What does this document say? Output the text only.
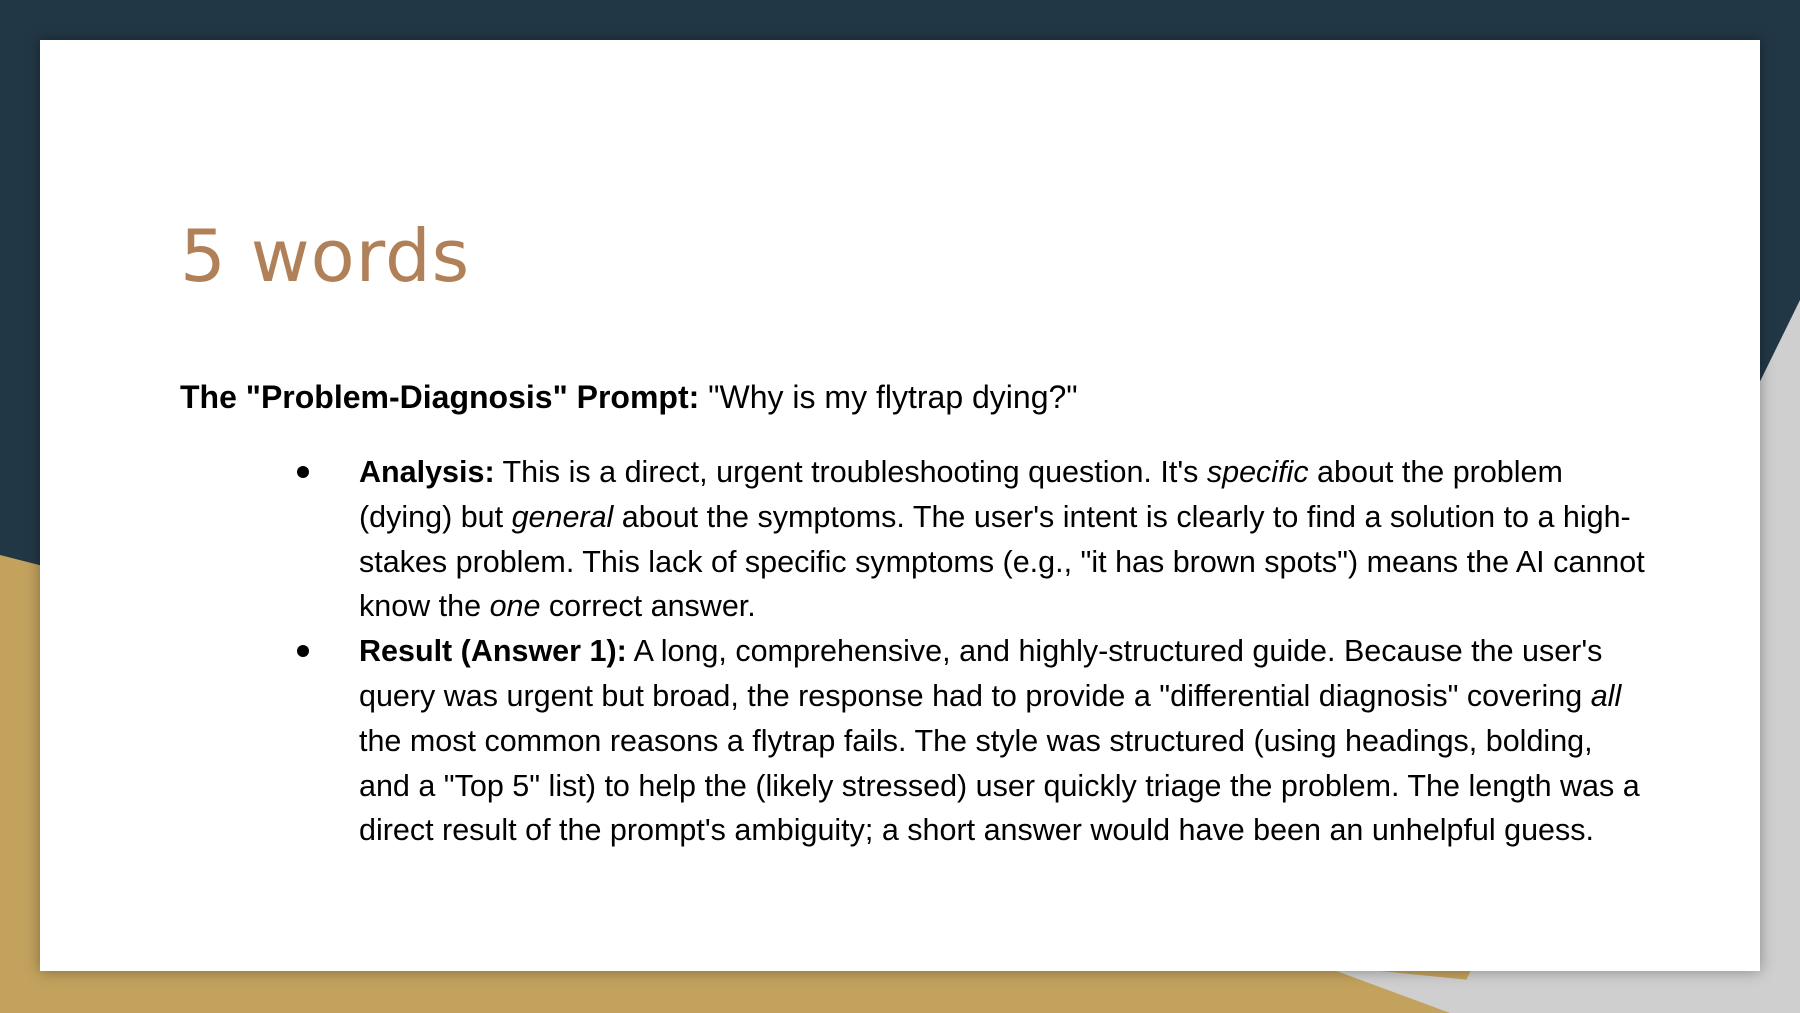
5 words

The "Problem-Diagnosis" Prompt: "Why is my flytrap dying?"

Analysis: This is a direct, urgent troubleshooting question. It's specific about the problem (dying) but general about the symptoms. The user's intent is clearly to find a solution to a high-stakes problem. This lack of specific symptoms (e.g., "it has brown spots") means the AI cannot know the one correct answer.
Result (Answer 1): A long, comprehensive, and highly-structured guide. Because the user's query was urgent but broad, the response had to provide a "differential diagnosis" covering all the most common reasons a flytrap fails. The style was structured (using headings, bolding, and a "Top 5" list) to help the (likely stressed) user quickly triage the problem. The length was a direct result of the prompt's ambiguity; a short answer would have been an unhelpful guess.
